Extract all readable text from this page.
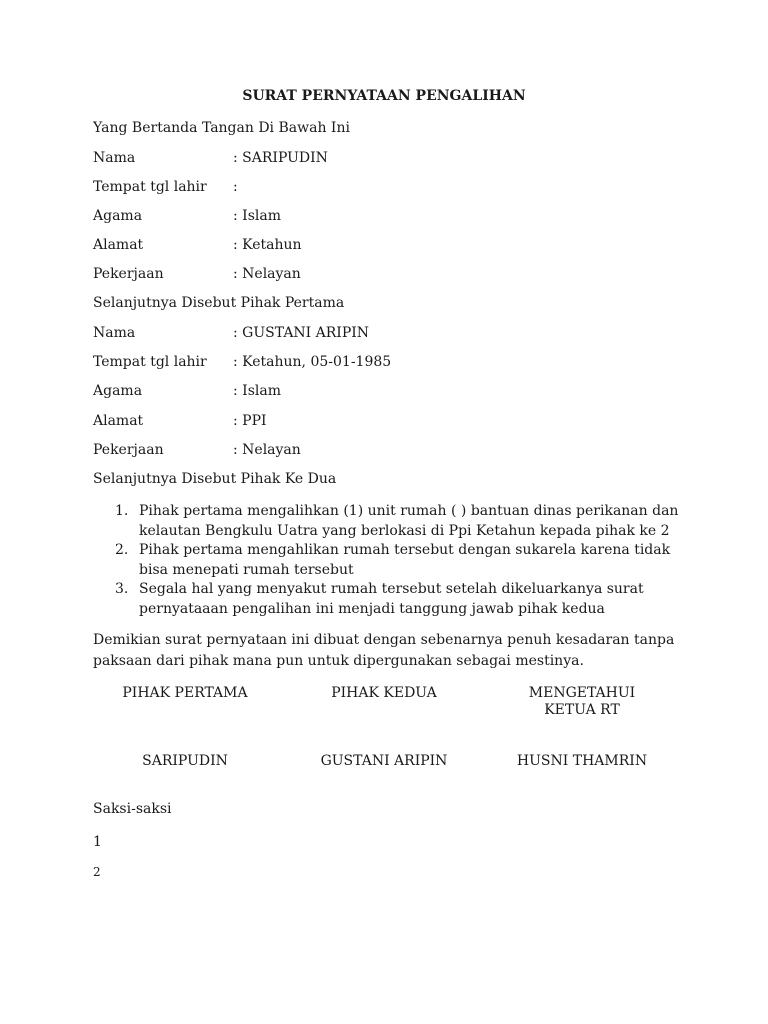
SURAT PERNYATAAN PENGALIHAN
Yang Bertanda Tangan Di Bawah Ini
Nama	: SARIPUDIN
Tempat tgl lahir :
Agama	: Islam
Alamat	: Ketahun
Pekerjaan	: Nelayan
Selanjutnya Disebut Pihak Pertama
Nama	: GUSTANI ARIPIN
Tempat tgl lahir : Ketahun, 05-01-1985
Agama	: Islam
Alamat	: PPI
Pekerjaan	: Nelayan
Selanjutnya Disebut Pihak Ke Dua
1. Pihak pertama mengalihkan (1) unit rumah ( ) bantuan dinas perikanan dan kelautan Bengkulu Uatra yang berlokasi di Ppi Ketahun kepada pihak ke 2
2. Pihak pertama mengahlikan rumah tersebut dengan sukarela karena tidak bisa menepati rumah tersebut
3. Segala hal yang menyakut rumah tersebut setelah dikeluarkanya surat pernyataaan pengalihan ini menjadi tanggung jawab pihak kedua
Demikian surat pernyataan ini dibuat dengan sebenarnya penuh kesadaran tanpa paksaan dari pihak mana pun untuk dipergunakan sebagai mestinya.
PIHAK PERTAMA	PIHAK KEDUA	MENGETAHUI
KETUA RT
SARIPUDIN	GUSTANI ARIPIN	HUSNI THAMRIN
Saksi-saksi
1
2
